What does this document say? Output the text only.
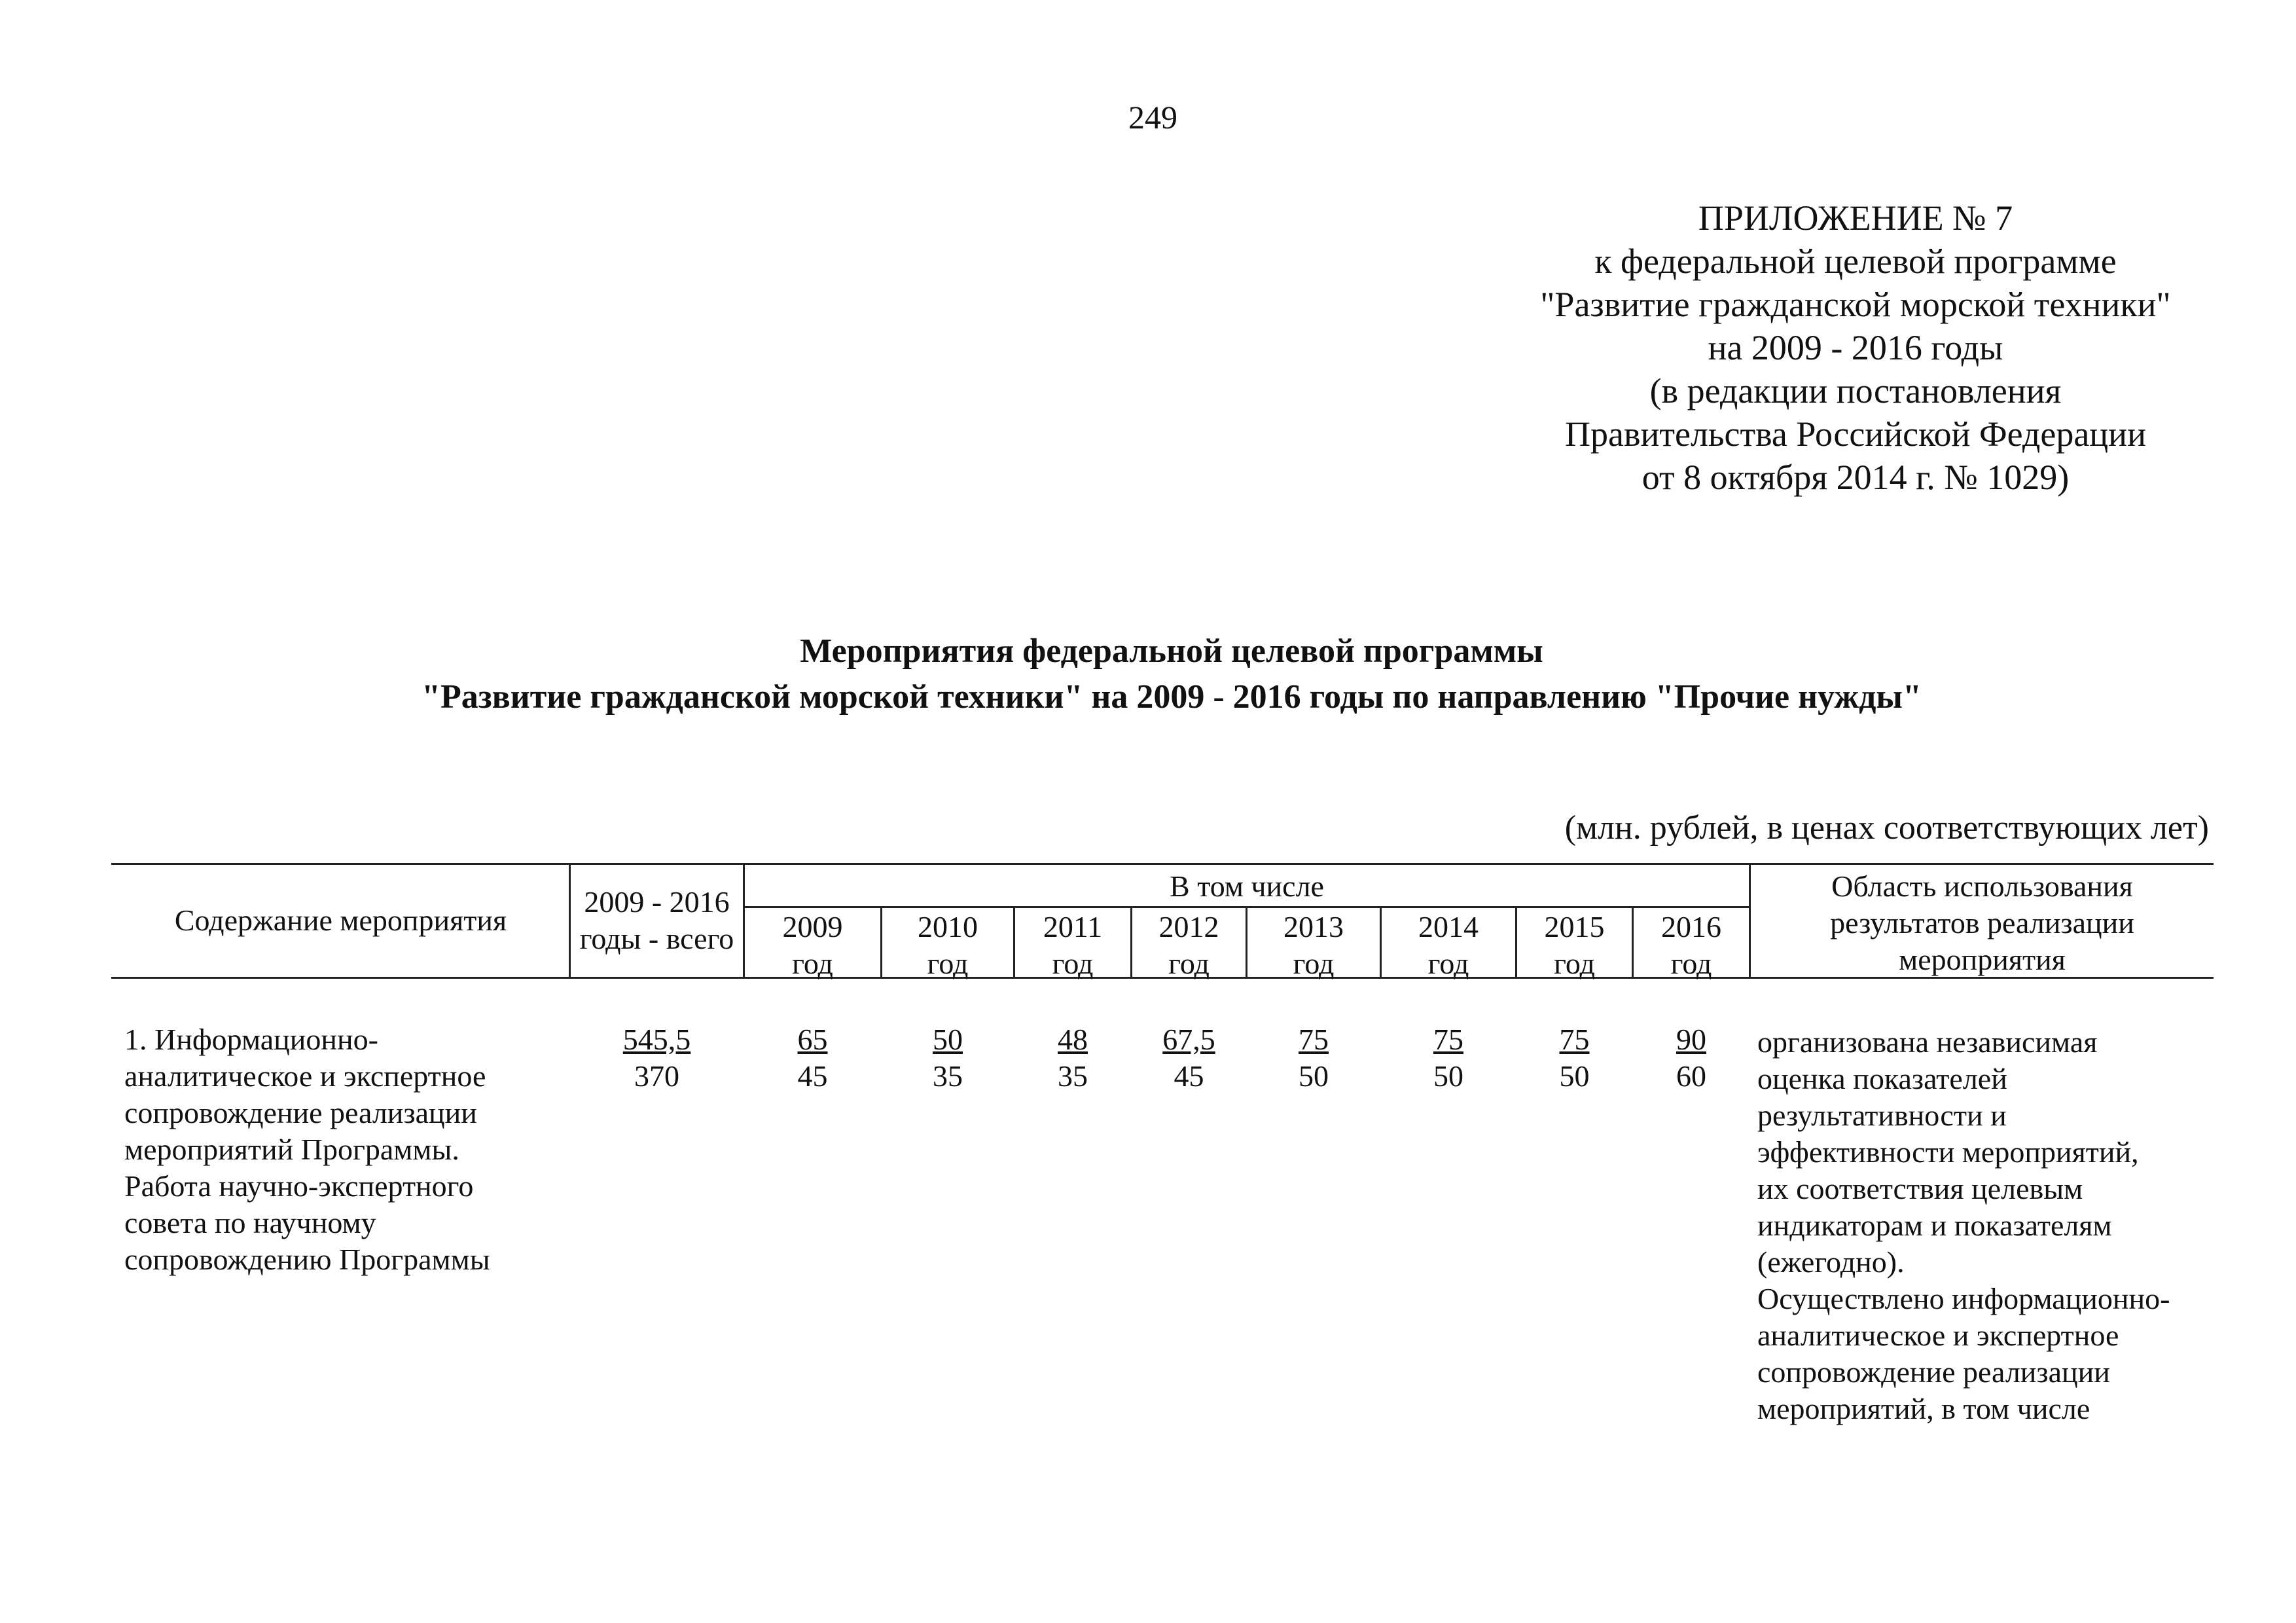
249
ПРИЛОЖЕНИЕ № 7
к федеральной целевой программе
"Развитие гражданской морской техники"
на 2009 - 2016 годы
(в редакции постановления
Правительства Российской Федерации
от 8 октября 2014 г. № 1029)
Мероприятия федеральной целевой программы
"Развитие гражданской морской техники" на 2009 - 2016 годы по направлению "Прочие нужды"
(млн. рублей, в ценах соответствующих лет)
Содержание мероприятия
2009 - 2016
годы - всего
В том числе
2009
год
2010
год
2011
год
2012
год
2013
год
2014
год
2015
год
2016
год
Область использования
результатов реализации
мероприятия
1. Информационно-
аналитическое и экспертное
сопровождение реализации
мероприятий Программы.
Работа научно-экспертного
совета по научному
сопровождению Программы
545,5
370
65
45
50
35
48
35
67,5
45
75
50
75
50
75
50
90
60
организована независимая
оценка показателей
результативности и
эффективности мероприятий,
их соответствия целевым
индикаторам и показателям
(ежегодно).
Осуществлено информационно-
аналитическое и экспертное
сопровождение реализации
мероприятий, в том числе
